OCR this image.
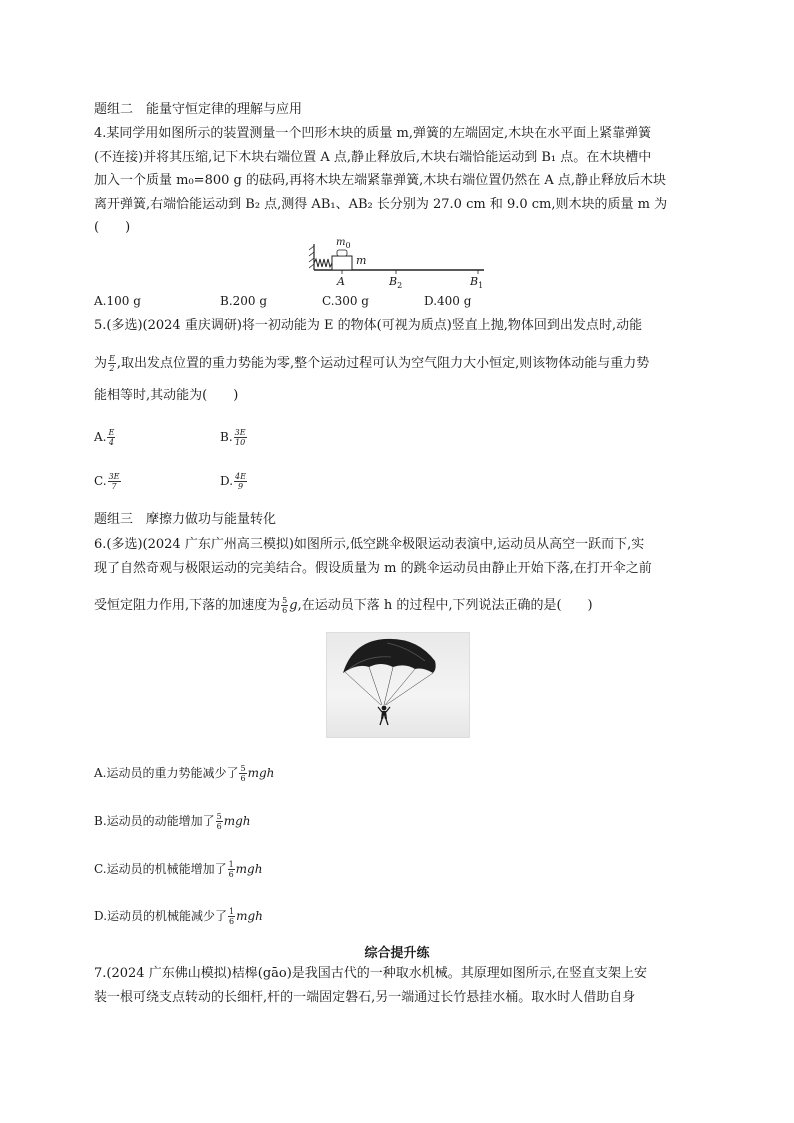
题组二　能量守恒定律的理解与应用
4.某同学用如图所示的装置测量一个凹形木块的质量 m,弹簧的左端固定,木块在水平面上紧靠弹簧
(不连接)并将其压缩,记下木块右端位置 A 点,静止释放后,木块右端恰能运动到 B₁ 点。在木块槽中
加入一个质量 m₀=800 g 的砝码,再将木块左端紧靠弹簧,木块右端位置仍然在 A 点,静止释放后木块
离开弹簧,右端恰能运动到 B₂ 点,测得 AB₁、AB₂ 长分别为 27.0 cm 和 9.0 cm,则木块的质量 m 为
(　　)
$m_0$
m
A	$B_2$	$B_1$
A.100 g	B.200 g	C.300 g	D.400 g
5.(多选)(2024 重庆调研)将一初动能为 E 的物体(可视为质点)竖直上抛,物体回到出发点时,动能
为 $\frac{E}{2}$ ,取出发点位置的重力势能为零,整个运动过程可认为空气阻力大小恒定,则该物体动能与重力势
能相等时,其动能为(　　)
A. $\frac{E}{4}$	B. $\frac{3E}{10}$
C. $\frac{3E}{7}$	D. $\frac{4E}{9}$
题组三　摩擦力做功与能量转化
6.(多选)(2024 广东广州高三模拟)如图所示,低空跳伞极限运动表演中,运动员从高空一跃而下,实
现了自然奇观与极限运动的完美结合。假设质量为 m 的跳伞运动员由静止开始下落,在打开伞之前
受恒定阻力作用,下落的加速度为 $\frac{5}{6} g$,在运动员下落 h 的过程中,下列说法正确的是(　　)
A.运动员的重力势能减少了 $\frac{5}{6}$ mgh
B.运动员的动能增加了 $\frac{5}{6}$ mgh
C.运动员的机械能增加了 $\frac{1}{6}$ mgh
D.运动员的机械能减少了 $\frac{1}{6}$ mgh
综合提升练
7.(2024 广东佛山模拟)桔槔(gāo)是我国古代的一种取水机械。其原理如图所示,在竖直支架上安
装一根可绕支点转动的长细杆,杆的一端固定磐石,另一端通过长竹悬挂水桶。取水时人借助自身
